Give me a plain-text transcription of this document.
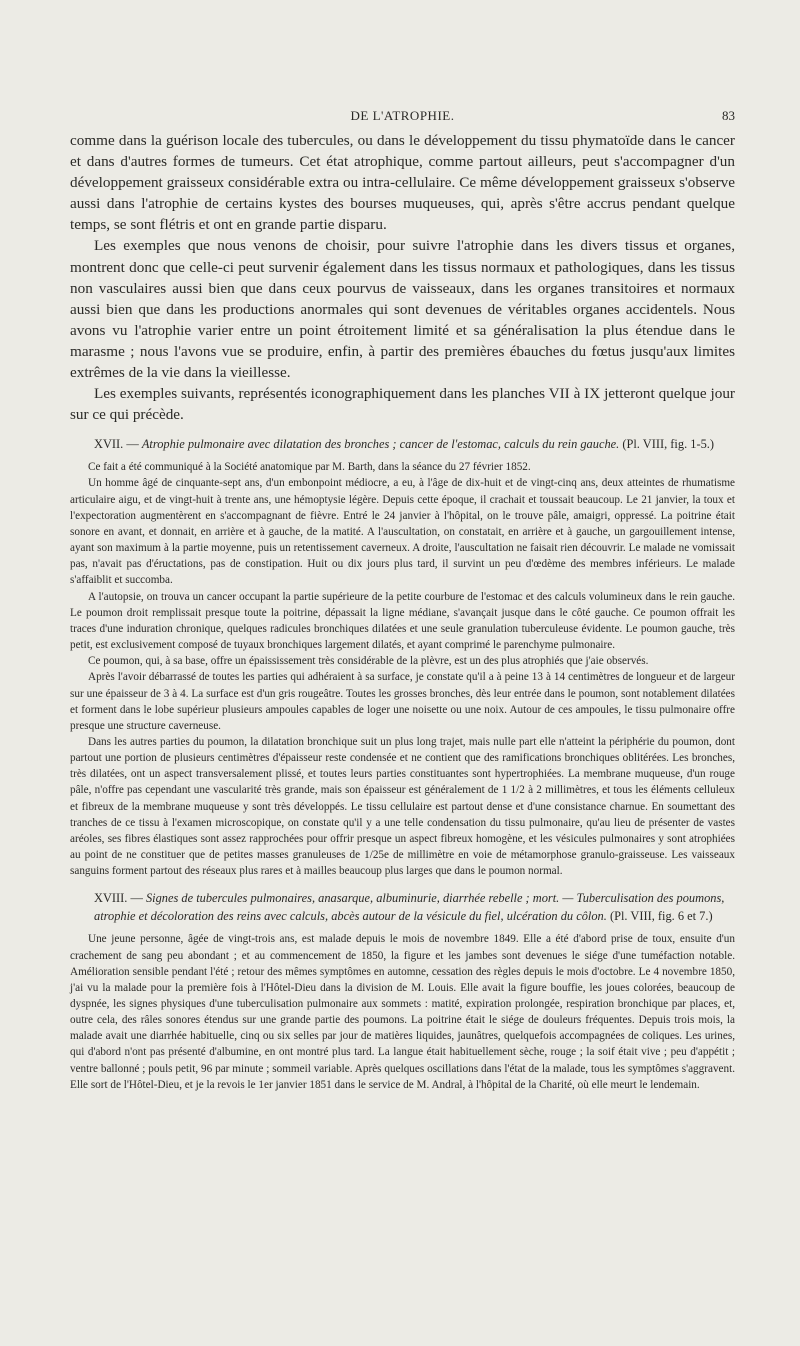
DE L'ATROPHIE.	83

comme dans la guérison locale des tubercules, ou dans le développement du tissu phymatoïde dans le cancer et dans d'autres formes de tumeurs. Cet état atrophique, comme partout ailleurs, peut s'accompagner d'un développement graisseux considérable extra ou intra-cellulaire. Ce même développement graisseux s'observe aussi dans l'atrophie de certains kystes des bourses muqueuses, qui, après s'être accrus pendant quelque temps, se sont flétris et ont en grande partie disparu.

Les exemples que nous venons de choisir, pour suivre l'atrophie dans les divers tissus et organes, montrent donc que celle-ci peut survenir également dans les tissus normaux et pathologiques, dans les tissus non vasculaires aussi bien que dans ceux pourvus de vaisseaux, dans les organes transitoires et normaux aussi bien que dans les productions anormales qui sont devenues de véritables organes accidentels. Nous avons vu l'atrophie varier entre un point étroitement limité et sa généralisation la plus étendue dans le marasme ; nous l'avons vue se produire, enfin, à partir des premières ébauches du fœtus jusqu'aux limites extrêmes de la vie dans la vieillesse.

Les exemples suivants, représentés iconographiquement dans les planches VII à IX jetteront quelque jour sur ce qui précède.

XVII. — Atrophie pulmonaire avec dilatation des bronches ; cancer de l'estomac, calculs du rein gauche. (Pl. VIII, fig. 1-5.)

Ce fait a été communiqué à la Société anatomique par M. Barth, dans la séance du 27 février 1852.

Un homme âgé de cinquante-sept ans, d'un embonpoint médiocre, a eu, à l'âge de dix-huit et de vingt-cinq ans, deux atteintes de rhumatisme articulaire aigu, et de vingt-huit à trente ans, une hémoptysie légère. Depuis cette époque, il crachait et toussait beaucoup. Le 21 janvier, la toux et l'expectoration augmentèrent en s'accompagnant de fièvre. Entré le 24 janvier à l'hôpital, on le trouve pâle, amaigri, oppressé. La poitrine était sonore en avant, et donnait, en arrière et à gauche, de la matité. A l'auscultation, on constatait, en arrière et à gauche, un gargouillement intense, ayant son maximum à la partie moyenne, puis un retentissement caverneux. A droite, l'auscultation ne faisait rien découvrir. Le malade ne vomissait pas, n'avait pas d'éructations, pas de constipation. Huit ou dix jours plus tard, il survint un peu d'œdème des membres inférieurs. Le malade s'affaiblit et succomba.

A l'autopsie, on trouva un cancer occupant la partie supérieure de la petite courbure de l'estomac et des calculs volumineux dans le rein gauche. Le poumon droit remplissait presque toute la poitrine, dépassait la ligne médiane, s'avançait jusque dans le côté gauche. Ce poumon offrait les traces d'une induration chronique, quelques radicules bronchiques dilatées et une seule granulation tuberculeuse évidente. Le poumon gauche, très petit, est exclusivement composé de tuyaux bronchiques largement dilatés, et ayant comprimé le parenchyme pulmonaire.

Ce poumon, qui, à sa base, offre un épaississement très considérable de la plèvre, est un des plus atrophiés que j'aie observés.

Après l'avoir débarrassé de toutes les parties qui adhéraient à sa surface, je constate qu'il a à peine 13 à 14 centimètres de longueur et de largeur sur une épaisseur de 3 à 4. La surface est d'un gris rougeâtre. Toutes les grosses bronches, dès leur entrée dans le poumon, sont notablement dilatées et forment dans le lobe supérieur plusieurs ampoules capables de loger une noisette ou une noix. Autour de ces ampoules, le tissu pulmonaire offre presque une structure caverneuse.

Dans les autres parties du poumon, la dilatation bronchique suit un plus long trajet, mais nulle part elle n'atteint la périphérie du poumon, dont partout une portion de plusieurs centimètres d'épaisseur reste condensée et ne contient que des ramifications bronchiques oblitérées. Les bronches, très dilatées, ont un aspect transversalement plissé, et toutes leurs parties constituantes sont hypertrophiées. La membrane muqueuse, d'un rouge pâle, n'offre pas cependant une vascularité très grande, mais son épaisseur est généralement de 1 1/2 à 2 millimètres, et tous les éléments celluleux et fibreux de la membrane muqueuse y sont très développés. Le tissu cellulaire est partout dense et d'une consistance charnue. En soumettant des tranches de ce tissu à l'examen microscopique, on constate qu'il y a une telle condensation du tissu pulmonaire, qu'au lieu de présenter de vastes aréoles, ses fibres élastiques sont assez rapprochées pour offrir presque un aspect fibreux homogène, et les vésicules pulmonaires y sont atrophiées au point de ne constituer que de petites masses granuleuses de 1/25e de millimètre en voie de métamorphose granulo-graisseuse. Les vaisseaux sanguins forment partout des réseaux plus rares et à mailles beaucoup plus larges que dans le poumon normal.

XVIII. — Signes de tubercules pulmonaires, anasarque, albuminurie, diarrhée rebelle ; mort. — Tuberculisation des poumons, atrophie et décoloration des reins avec calculs, abcès autour de la vésicule du fiel, ulcération du côlon. (Pl. VIII, fig. 6 et 7.)

Une jeune personne, âgée de vingt-trois ans, est malade depuis le mois de novembre 1849. Elle a été d'abord prise de toux, ensuite d'un crachement de sang peu abondant ; et au commencement de 1850, la figure et les jambes sont devenues le siége d'une tuméfaction notable. Amélioration sensible pendant l'été ; retour des mêmes symptômes en automne, cessation des règles depuis le mois d'octobre. Le 4 novembre 1850, j'ai vu la malade pour la première fois à l'Hôtel-Dieu dans la division de M. Louis. Elle avait la figure bouffie, les joues colorées, beaucoup de dyspnée, les signes physiques d'une tuberculisation pulmonaire aux sommets : matité, expiration prolongée, respiration bronchique par places, et, outre cela, des râles sonores étendus sur une grande partie des poumons. La poitrine était le siége de douleurs fréquentes. Depuis trois mois, la malade avait une diarrhée habituelle, cinq ou six selles par jour de matières liquides, jaunâtres, quelquefois accompagnées de coliques. Les urines, qui d'abord n'ont pas présenté d'albumine, en ont montré plus tard. La langue était habituellement sèche, rouge ; la soif était vive ; peu d'appétit ; ventre ballonné ; pouls petit, 96 par minute ; sommeil variable. Après quelques oscillations dans l'état de la malade, tous les symptômes s'aggravent. Elle sort de l'Hôtel-Dieu, et je la revois le 1er janvier 1851 dans le service de M. Andral, à l'hôpital de la Charité, où elle meurt le lendemain.
